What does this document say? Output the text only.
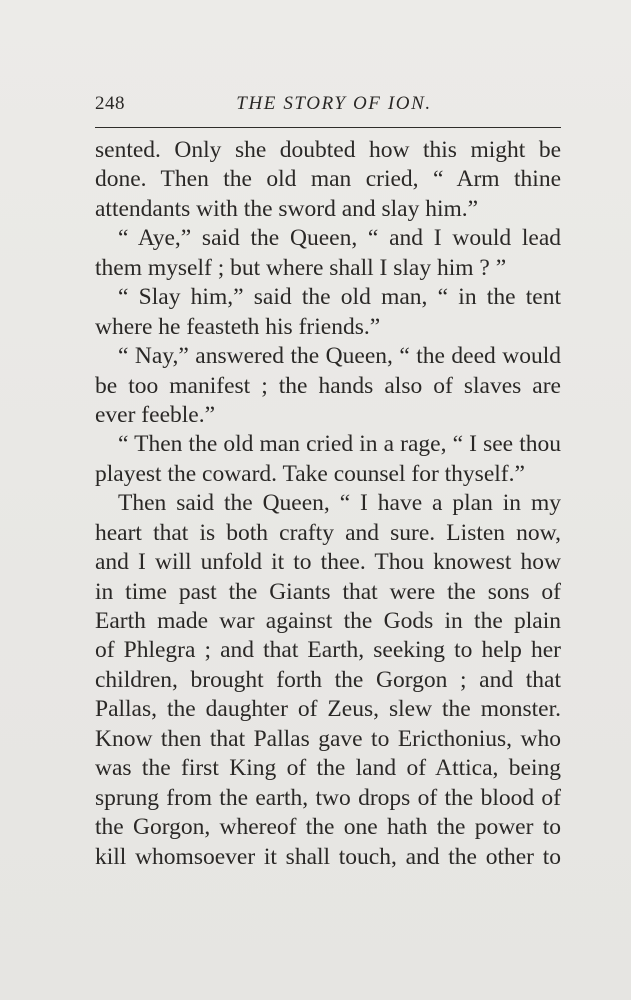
248	THE STORY OF ION.
sented. Only she doubted how this might be
done. Then the old man cried, “ Arm thine
attendants with the sword and slay him.”
“ Aye,” said the Queen, “ and I would lead
them myself ; but where shall I slay him ? ”
“ Slay him,” said the old man, “ in the tent
where he feasteth his friends.”
“ Nay,” answered the Queen, “ the deed would
be too manifest ; the hands also of slaves are
ever feeble.”
“ Then the old man cried in a rage, “ I see thou
playest the coward. Take counsel for thyself.”
Then said the Queen, “ I have a plan in my
heart that is both crafty and sure. Listen now,
and I will unfold it to thee. Thou knowest how
in time past the Giants that were the sons of
Earth made war against the Gods in the plain
of Phlegra ; and that Earth, seeking to help her
children, brought forth the Gorgon ; and that
Pallas, the daughter of Zeus, slew the monster.
Know then that Pallas gave to Ericthonius, who
was the first King of the land of Attica, being
sprung from the earth, two drops of the blood of
the Gorgon, whereof the one hath the power to
kill whomsoever it shall touch, and the other to
